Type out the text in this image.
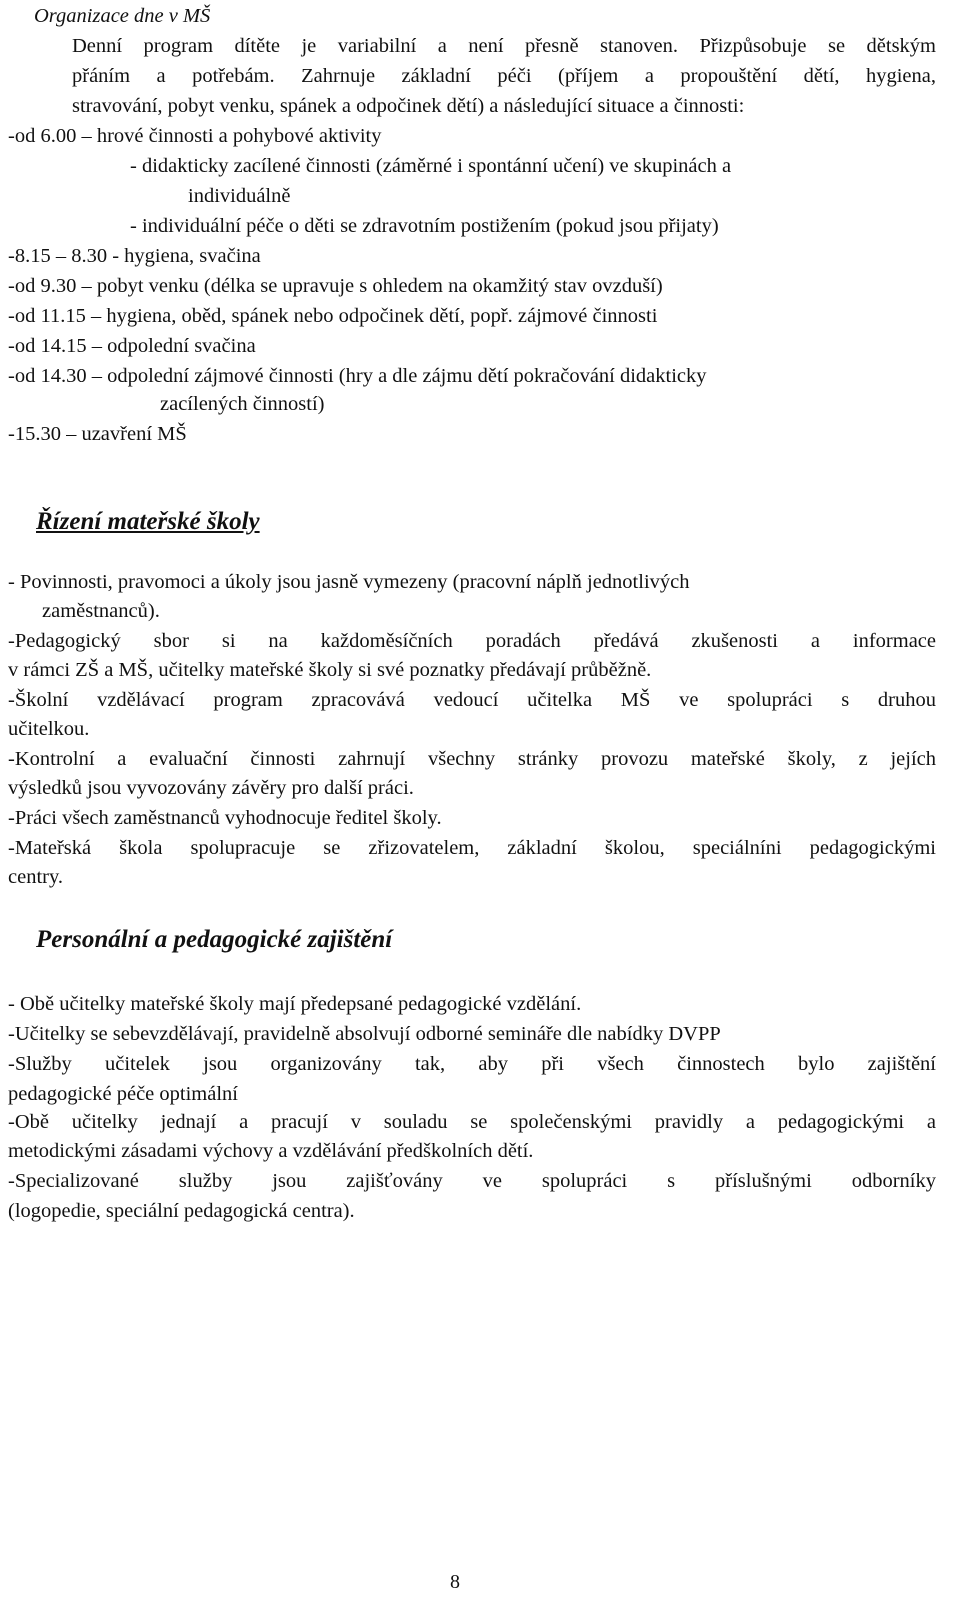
Organizace dne v MŠ
Denní program dítěte je variabilní a není přesně stanoven. Přizpůsobuje se dětským
přáním a potřebám. Zahrnuje základní péči (příjem a propouštění dětí, hygiena,
stravování, pobyt venku, spánek a odpočinek dětí) a následující situace a činnosti:
-od 6.00 – hrové činnosti a pohybové aktivity
- didakticky zacílené činnosti (záměrné i spontánní učení) ve skupinách a
individuálně
- individuální péče o děti se zdravotním postižením (pokud jsou přijaty)
-8.15 – 8.30 - hygiena, svačina
-od 9.30 – pobyt venku (délka se upravuje s ohledem na okamžitý stav ovzduší)
-od 11.15 – hygiena, oběd, spánek nebo odpočinek dětí, popř. zájmové činnosti
-od 14.15 – odpolední svačina
-od 14.30 – odpolední zájmové činnosti (hry a dle zájmu dětí pokračování didakticky
zacílených činností)
-15.30 – uzavření MŠ
Řízení mateřské školy
- Povinnosti, pravomoci a úkoly jsou jasně vymezeny (pracovní náplň jednotlivých
zaměstnanců).
-Pedagogický sbor si na každoměsíčních poradách předává zkušenosti a informace
v rámci ZŠ a MŠ, učitelky mateřské školy si své poznatky předávají průběžně.
-Školní vzdělávací program zpracovává vedoucí učitelka MŠ ve spolupráci s druhou
učitelkou.
-Kontrolní a evaluační činnosti zahrnují všechny stránky provozu mateřské školy, z jejích
výsledků jsou vyvozovány závěry pro další práci.
-Práci všech zaměstnanců vyhodnocuje ředitel školy.
-Mateřská škola spolupracuje se zřizovatelem, základní školou, speciálníni pedagogickými
centry.
Personální a pedagogické zajištění
- Obě učitelky mateřské školy mají předepsané pedagogické vzdělání.
-Učitelky se sebevzdělávají, pravidelně absolvují odborné semináře dle nabídky DVPP
-Služby učitelek jsou organizovány tak, aby při všech činnostech bylo zajištění
pedagogické péče optimální
-Obě učitelky jednají a pracují v souladu se společenskými pravidly a pedagogickými a
metodickými zásadami výchovy a vzdělávání předškolních dětí.
-Specializované služby jsou zajišťovány ve spolupráci s příslušnými odborníky
(logopedie, speciální pedagogická centra).
8
